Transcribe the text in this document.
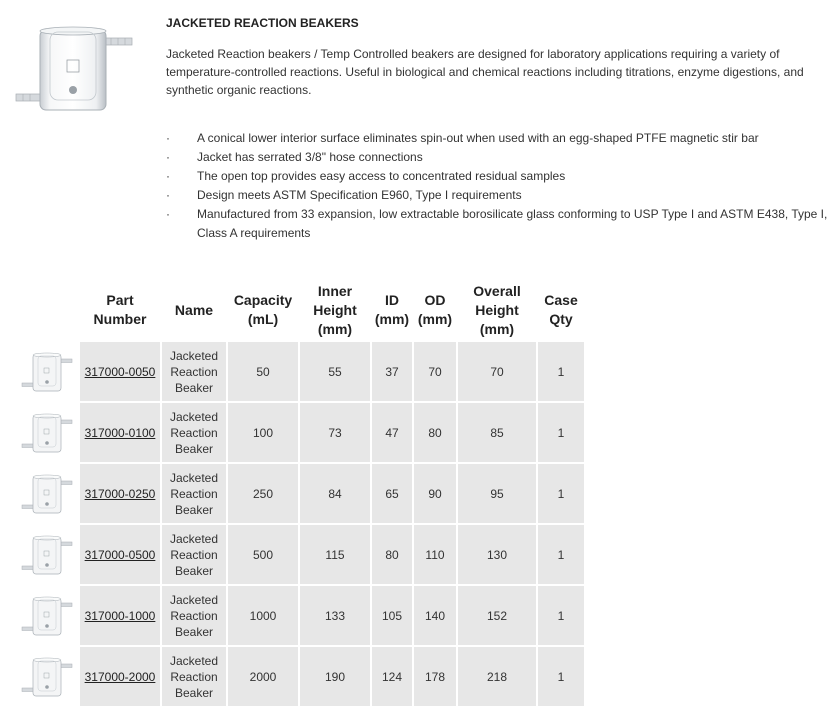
JACKETED REACTION BEAKERS
Jacketed Reaction beakers / Temp Controlled beakers are designed for laboratory applications requiring a variety of temperature-controlled reactions. Useful in biological and chemical reactions including titrations, enzyme digestions, and synthetic organic reactions.
· A conical lower interior surface eliminates spin-out when used with an egg-shaped PTFE magnetic stir bar
· Jacket has serrated 3/8" hose connections
· The open top provides easy access to concentrated residual samples
· Design meets ASTM Specification E960, Type I requirements
· Manufactured from 33 expansion, low extractable borosilicate glass conforming to USP Type I and ASTM E438, Type I, Class A requirements
	Part Number	Name	Capacity (mL)	Inner Height (mm)	ID (mm)	OD (mm)	Overall Height (mm)	Case Qty

	317000-0050	Jacketed Reaction Beaker	50	55	37	70	70	1

	317000-0100	Jacketed Reaction Beaker	100	73	47	80	85	1

	317000-0250	Jacketed Reaction Beaker	250	84	65	90	95	1

	317000-0500	Jacketed Reaction Beaker	500	115	80	110	130	1

	317000-1000	Jacketed Reaction Beaker	1000	133	105	140	152	1

	317000-2000	Jacketed Reaction Beaker	2000	190	124	178	218	1
